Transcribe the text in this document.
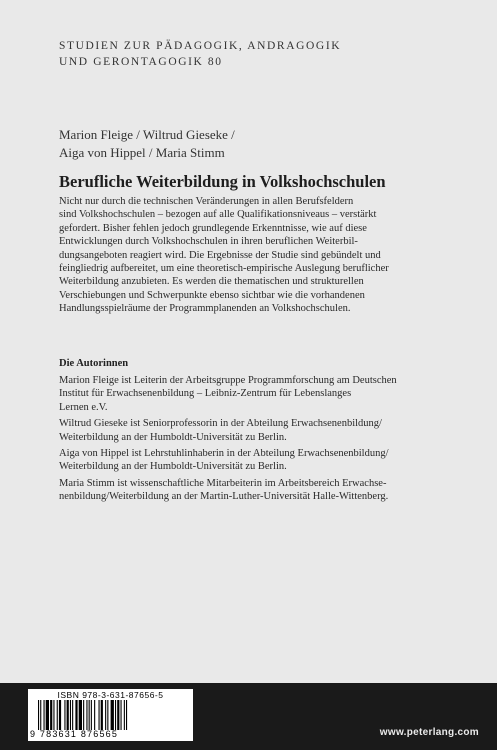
STUDIEN ZUR PÄDAGOGIK, ANDRAGOGIK
UND GERONTAGOGIK 80
Marion Fleige / Wiltrud Gieseke /
Aiga von Hippel / Maria Stimm
Berufliche Weiterbildung in Volkshochschulen
Nicht nur durch die technischen Veränderungen in allen Berufsfeldern
sind Volkshochschulen – bezogen auf alle Qualifikationsniveaus – verstärkt
gefordert. Bisher fehlen jedoch grundlegende Erkenntnisse, wie auf diese
Entwicklungen durch Volkshochschulen in ihren beruflichen Weiterbil-
dungsangeboten reagiert wird. Die Ergebnisse der Studie sind gebündelt und
feingliedrig aufbereitet, um eine theoretisch-empirische Auslegung beruflicher
Weiterbildung anzubieten. Es werden die thematischen und strukturellen
Verschiebungen und Schwerpunkte ebenso sichtbar wie die vorhandenen
Handlungsspielräume der Programmplanenden an Volkshochschulen.
Die Autorinnen
Marion Fleige ist Leiterin der Arbeitsgruppe Programmforschung am Deutschen
Institut für Erwachsenenbildung – Leibniz-Zentrum für Lebenslanges
Lernen e.V.
Wiltrud Gieseke ist Seniorprofessorin in der Abteilung Erwachsenenbildung/
Weiterbildung an der Humboldt-Universität zu Berlin.
Aiga von Hippel ist Lehrstuhlinhaberin in der Abteilung Erwachsenenbildung/
Weiterbildung an der Humboldt-Universität zu Berlin.
Maria Stimm ist wissenschaftliche Mitarbeiterin im Arbeitsbereich Erwachse-
nenbildung/Weiterbildung an der Martin-Luther-Universität Halle-Wittenberg.
ISBN 978-3-631-87656-5
9 783631 876565	www.peterlang.com
